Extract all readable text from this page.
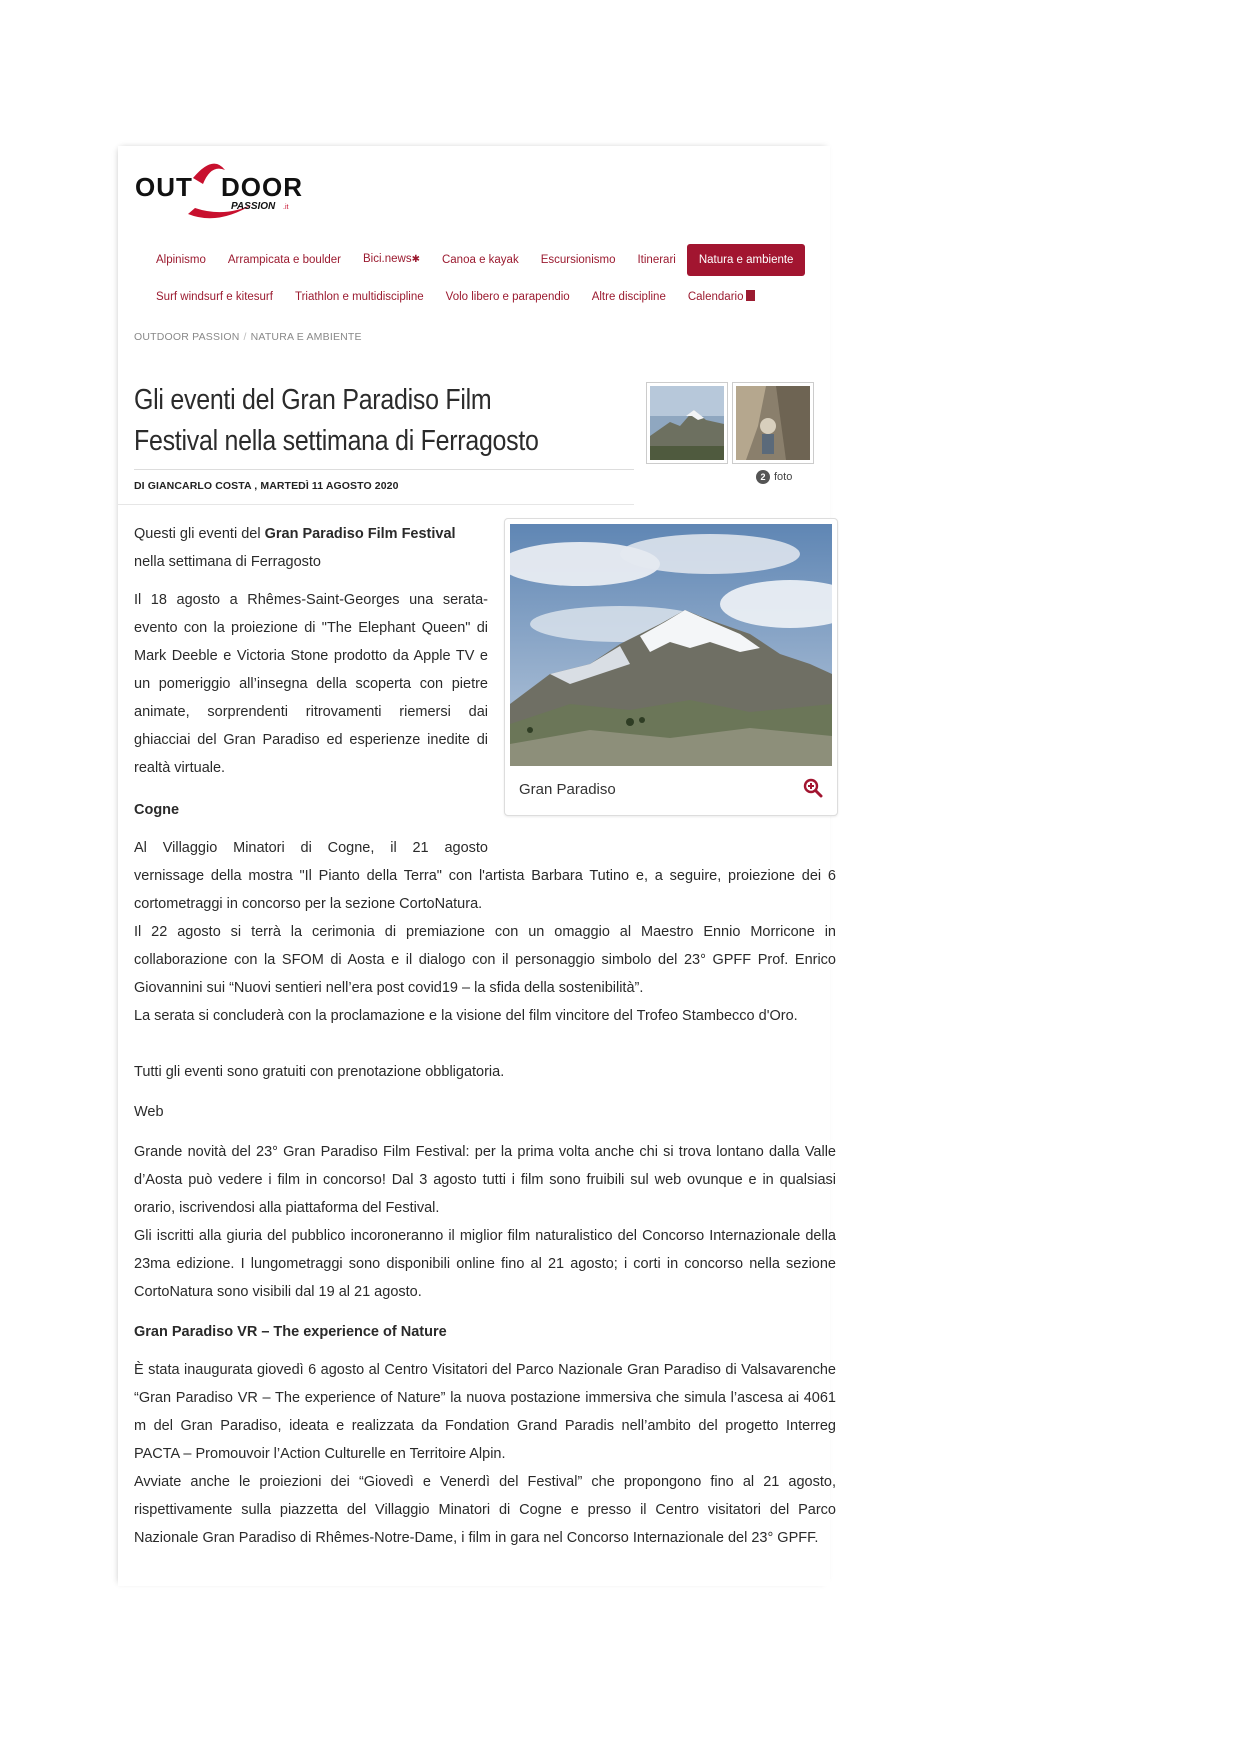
OUT DOOR
PASSION .it
Alpinismo	Arrampicata e boulder	Bici.news✱	Canoa e kayak	Escursionismo	Itinerari	Natura e ambiente
Surf windsurf e kitesurf	Triathlon e multidiscipline	Volo libero e parapendio	Altre discipline	Calendario
OUTDOOR PASSION / NATURA E AMBIENTE
Gli eventi del Gran Paradiso Film Festival nella settimana di Ferragosto
DI GIANCARLO COSTA , MARTEDÌ 11 AGOSTO 2020
2 foto
Gran Paradiso

Questi gli eventi del Gran Paradiso Film Festival
nella settimana di Ferragosto

Il 18 agosto a Rhêmes-Saint-Georges una serata-evento con la proiezione di "The Elephant Queen" di Mark Deeble e Victoria Stone prodotto da Apple TV e un pomeriggio all’insegna della scoperta con pietre animate, sorprendenti ritrovamenti riemersi dai ghiacciai del Gran Paradiso ed esperienze inedite di realtà virtuale.

Cogne

Al Villaggio Minatori di Cogne, il 21 agosto

vernissage della mostra "Il Pianto della Terra" con l'artista Barbara Tutino e, a seguire, proiezione dei 6 cortometraggi in concorso per la sezione CortoNatura.

Il 22 agosto si terrà la cerimonia di premiazione con un omaggio al Maestro Ennio Morricone in collaborazione con la SFOM di Aosta e il dialogo con il personaggio simbolo del 23° GPFF Prof. Enrico Giovannini sui “Nuovi sentieri nell’era post covid19 – la sfida della sostenibilità”.

La serata si concluderà con la proclamazione e la visione del film vincitore del Trofeo Stambecco d'Oro.

Tutti gli eventi sono gratuiti con prenotazione obbligatoria.

Web

Grande novità del 23° Gran Paradiso Film Festival: per la prima volta anche chi si trova lontano dalla Valle d’Aosta può vedere i film in concorso! Dal 3 agosto tutti i film sono fruibili sul web ovunque e in qualsiasi orario, iscrivendosi alla piattaforma del Festival.

Gli iscritti alla giuria del pubblico incoroneranno il miglior film naturalistico del Concorso Internazionale della 23ma edizione. I lungometraggi sono disponibili online fino al 21 agosto; i corti in concorso nella sezione CortoNatura sono visibili dal 19 al 21 agosto.

Gran Paradiso VR – The experience of Nature

È stata inaugurata giovedì 6 agosto al Centro Visitatori del Parco Nazionale Gran Paradiso di Valsavarenche “Gran Paradiso VR – The experience of Nature” la nuova postazione immersiva che simula l’ascesa ai 4061 m del Gran Paradiso, ideata e realizzata da Fondation Grand Paradis nell’ambito del progetto Interreg PACTA – Promouvoir l’Action Culturelle en Territoire Alpin.

Avviate anche le proiezioni dei “Giovedì e Venerdì del Festival” che propongono fino al 21 agosto, rispettivamente sulla piazzetta del Villaggio Minatori di Cogne e presso il Centro visitatori del Parco Nazionale Gran Paradiso di Rhêmes-Notre-Dame, i film in gara nel Concorso Internazionale del 23° GPFF.
